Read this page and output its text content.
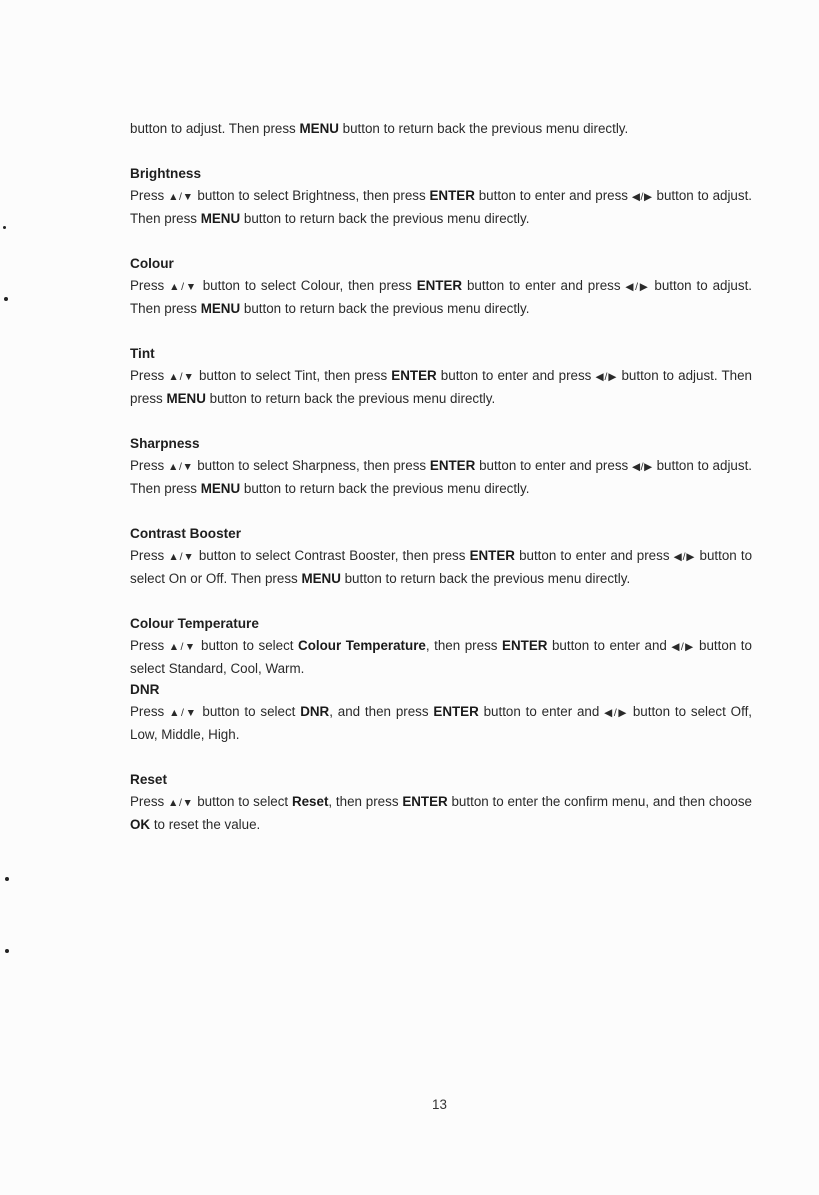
button to adjust. Then press MENU button to return back the previous menu directly.

Brightness

Press ▲/▼ button to select Brightness, then press ENTER button to enter and press ◀/▶ button to adjust. Then press MENU button to return back the previous menu directly.

Colour

Press ▲/▼ button to select Colour, then press ENTER button to enter and press ◀/▶ button to adjust. Then press MENU button to return back the previous menu directly.

Tint

Press ▲/▼ button to select Tint, then press ENTER button to enter and press ◀/▶ button to adjust. Then press MENU button to return back the previous menu directly.

Sharpness

Press ▲/▼ button to select Sharpness, then press ENTER button to enter and press ◀/▶ button to adjust. Then press MENU button to return back the previous menu directly.

Contrast Booster

Press ▲/▼ button to select Contrast Booster, then press ENTER button to enter and press ◀/▶ button to select On or Off. Then press MENU button to return back the previous menu directly.

Colour Temperature

Press ▲/▼ button to select Colour Temperature, then press ENTER button to enter and ◀/▶ button to select Standard, Cool, Warm.

DNR

Press ▲/▼ button to select DNR, and then press ENTER button to enter and ◀/▶ button to select Off, Low, Middle, High.

Reset

Press ▲/▼ button to select Reset, then press ENTER button to enter the confirm menu, and then choose OK to reset the value.

13
